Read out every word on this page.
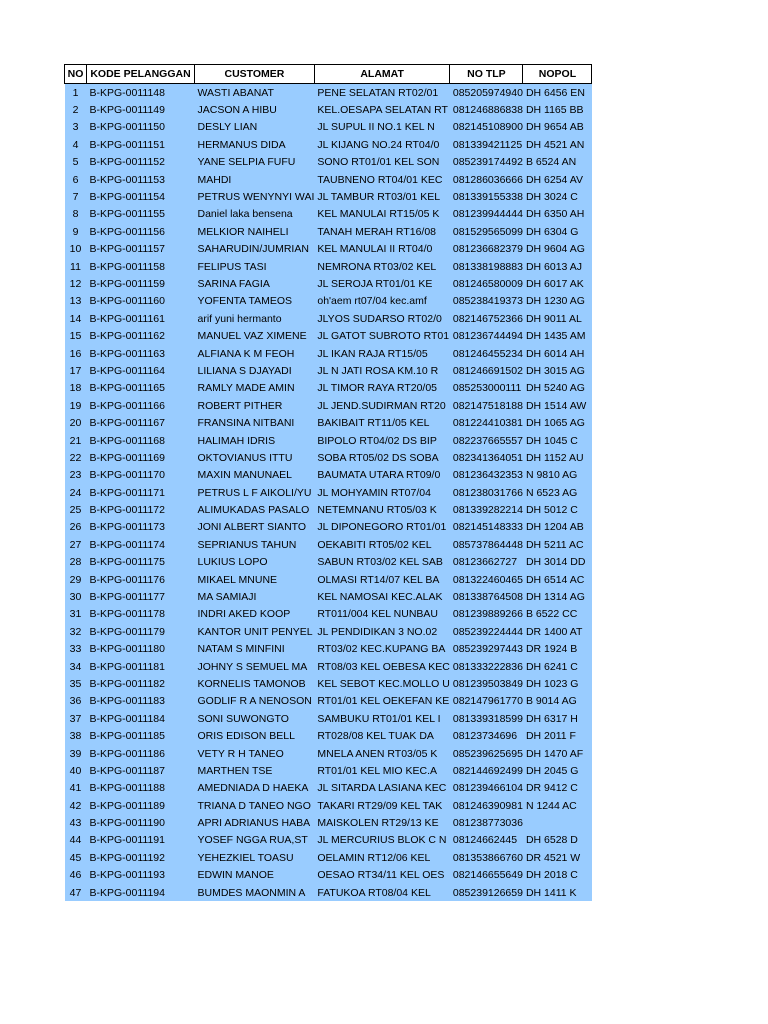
NO	KODE PELANGGAN	CUSTOMER	ALAMAT	NO TLP	NOPOL
1	B-KPG-0011148	WASTI ABANAT	PENE SELATAN RT02/01	085205974940	DH 6456 EN
2	B-KPG-0011149	JACSON A HIBU	KEL.OESAPA SELATAN RT	081246886838	DH 1165 BB
3	B-KPG-0011150	DESLY LIAN	JL SUPUL II NO.1 KEL N	082145108900	DH 9654 AB
4	B-KPG-0011151	HERMANUS DIDA	JL KIJANG NO.24 RT04/0	081339421125	DH 4521 AN
5	B-KPG-0011152	YANE SELPIA FUFU	SONO RT01/01 KEL SON	085239174492	B 6524 AN
6	B-KPG-0011153	MAHDI	TAUBNENO RT04/01 KEC	081286036666	DH 6254 AV
7	B-KPG-0011154	PETRUS WENYNYI WAI	JL TAMBUR RT03/01 KEL	081339155338	DH 3024 C
8	B-KPG-0011155	Daniel laka bensena	KEL MANULAI RT15/05 K	081239944444	DH 6350 AH
9	B-KPG-0011156	MELKIOR NAIHELI	TANAH MERAH RT16/08	081529565099	DH 6304 G
10	B-KPG-0011157	SAHARUDIN/JUMRIAN	KEL MANULAI II RT04/0	081236682379	DH 9604 AG
11	B-KPG-0011158	FELIPUS TASI	NEMRONA RT03/02 KEL	081338198883	DH 6013 AJ
12	B-KPG-0011159	SARINA FAGIA	JL SEROJA RT01/01 KE	081246580009	DH 6017 AK
13	B-KPG-0011160	YOFENTA TAMEOS	oh'aem rt07/04 kec.amf	085238419373	DH 1230 AG
14	B-KPG-0011161	arif yuni hermanto	JLYOS SUDARSO RT02/0	082146752366	DH 9011 AL
15	B-KPG-0011162	MANUEL VAZ XIMENE	JL GATOT SUBROTO RT01	081236744494	DH 1435 AM
16	B-KPG-0011163	ALFIANA K M FEOH	JL IKAN RAJA RT15/05	081246455234	DH 6014 AH
17	B-KPG-0011164	LILIANA S DJAYADI	JL N JATI ROSA KM.10 R	081246691502	DH 3015 AG
18	B-KPG-0011165	RAMLY MADE AMIN	JL TIMOR RAYA RT20/05	085253000111	DH 5240 AG
19	B-KPG-0011166	ROBERT PITHER	JL JEND.SUDIRMAN RT20	082147518188	DH 1514 AW
20	B-KPG-0011167	FRANSINA NITBANI	BAKIBAIT RT11/05 KEL	081224410381	DH 1065 AG
21	B-KPG-0011168	HALIMAH IDRIS	BIPOLO RT04/02 DS BIP	082237665557	DH 1045 C
22	B-KPG-0011169	OKTOVIANUS ITTU	SOBA RT05/02 DS SOBA	082341364051	DH 1152 AU
23	B-KPG-0011170	MAXIN MANUNAEL	BAUMATA UTARA RT09/0	081236432353	N 9810 AG
24	B-KPG-0011171	PETRUS L F AIKOLI/YU	JL MOHYAMIN RT07/04	081238031766	N 6523 AG
25	B-KPG-0011172	ALIMUKADAS PASALO	NETEMNANU RT05/03 K	081339282214	DH 5012 C
26	B-KPG-0011173	JONI ALBERT SIANTO	JL DIPONEGORO RT01/01	082145148333	DH 1204 AB
27	B-KPG-0011174	SEPRIANUS TAHUN	OEKABITI RT05/02 KEL	085737864448	DH 5211 AC
28	B-KPG-0011175	LUKIUS LOPO	SABUN RT03/02 KEL SAB	08123662727	DH 3014 DD
29	B-KPG-0011176	MIKAEL MNUNE	OLMASI RT14/07 KEL BA	081322460465	DH 6514 AC
30	B-KPG-0011177	MA SAMIAJI	KEL NAMOSAI KEC.ALAK	081338764508	DH 1314 AG
31	B-KPG-0011178	INDRI AKED KOOP	RT011/004 KEL NUNBAU	081239889266	B 6522 CC
32	B-KPG-0011179	KANTOR UNIT PENYEL	JL PENDIDIKAN 3 NO.02	085239224444	DR 1400 AT
33	B-KPG-0011180	NATAM S MINFINI	RT03/02 KEC.KUPANG BA	085239297443	DR 1924 B
34	B-KPG-0011181	JOHNY S SEMUEL MA	RT08/03 KEL OEBESA KEC	081333222836	DH 6241 C
35	B-KPG-0011182	KORNELIS TAMONOB	KEL SEBOT KEC.MOLLO U	081239503849	DH 1023 G
36	B-KPG-0011183	GODLIF R A NENOSON	RT01/01 KEL OEKEFAN KE	082147961770	B 9014 AG
37	B-KPG-0011184	SONI SUWONGTO	SAMBUKU RT01/01 KEL I	081339318599	DH 6317 H
38	B-KPG-0011185	ORIS EDISON BELL	RT028/08 KEL TUAK DA	08123734696	DH 2011 F
39	B-KPG-0011186	VETY R H TANEO	MNELA ANEN RT03/05 K	085239625695	DH 1470 AF
40	B-KPG-0011187	MARTHEN TSE	RT01/01 KEL MIO KEC.A	082144692499	DH 2045 G
41	B-KPG-0011188	AMEDNIADA D HAEKA	JL SITARDA LASIANA KEC	081239466104	DR 9412 C
42	B-KPG-0011189	TRIANA D TANEO NGO	TAKARI RT29/09 KEL TAK	081246390981	N 1244 AC
43	B-KPG-0011190	APRI ADRIANUS HABA	MAISKOLEN RT29/13 KE	081238773036	
44	B-KPG-0011191	YOSEF NGGA RUA,ST	JL MERCURIUS BLOK C N	08124662445	DH 6528 D
45	B-KPG-0011192	YEHEZKIEL TOASU	OELAMIN RT12/06 KEL	081353866760	DR 4521 W
46	B-KPG-0011193	EDWIN MANOE	OESAO RT34/11 KEL OES	082146655649	DH 2018 C
47	B-KPG-0011194	BUMDES MAONMIN A	FATUKOA RT08/04 KEL	085239126659	DH 1411 K
